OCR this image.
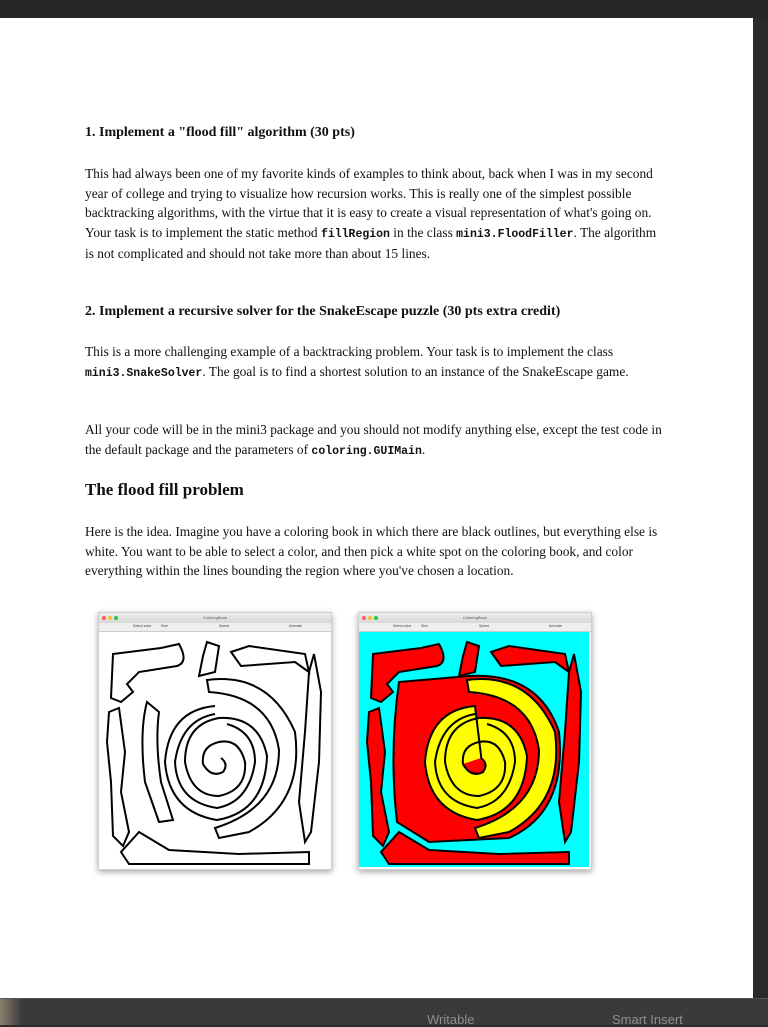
1. Implement a "flood fill" algorithm (30 pts)

This had always been one of my favorite kinds of examples to think about, back when I was in my second year of college and trying to visualize how recursion works. This is really one of the simplest possible backtracking algorithms, with the virtue that it is easy to create a visual representation of what's going on. Your task is to implement the static method fillRegion in the class mini3.FloodFiller. The algorithm is not complicated and should not take more than about 15 lines.

2. Implement a recursive solver for the SnakeEscape puzzle (30 pts extra credit)

This is a more challenging example of a backtracking problem. Your task is to implement the class mini3.SnakeSolver. The goal is to find a shortest solution to an instance of the SnakeEscape game.

All your code will be in the mini3 package and you should not modify anything else, except the test code in the default package and the parameters of coloring.GUIMain.

The flood fill problem

Here is the idea. Imagine you have a coloring book in which there are black outlines, but everything else is white. You want to be able to select a color, and then pick a white spot on the coloring book, and color everything within the lines bounding the region where you've chosen a location.

ColoringBook
Select color	Size	Speed	Animate
ColoringBook
Select color	Size	Speed	Animate
Writable	Smart Insert
